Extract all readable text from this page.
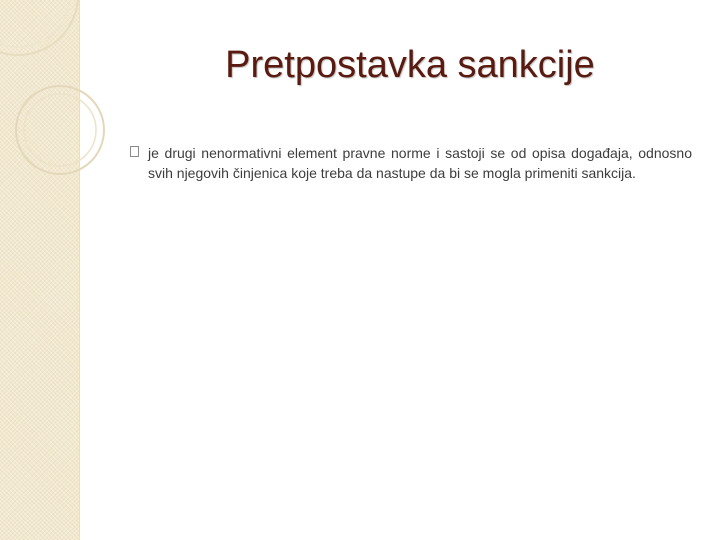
Pretpostavka sankcije
je drugi nenormativni element pravne norme i sastoji se od opisa događaja, odnosno svih njegovih činjenica koje treba da nastupe da bi se mogla primeniti sankcija.
